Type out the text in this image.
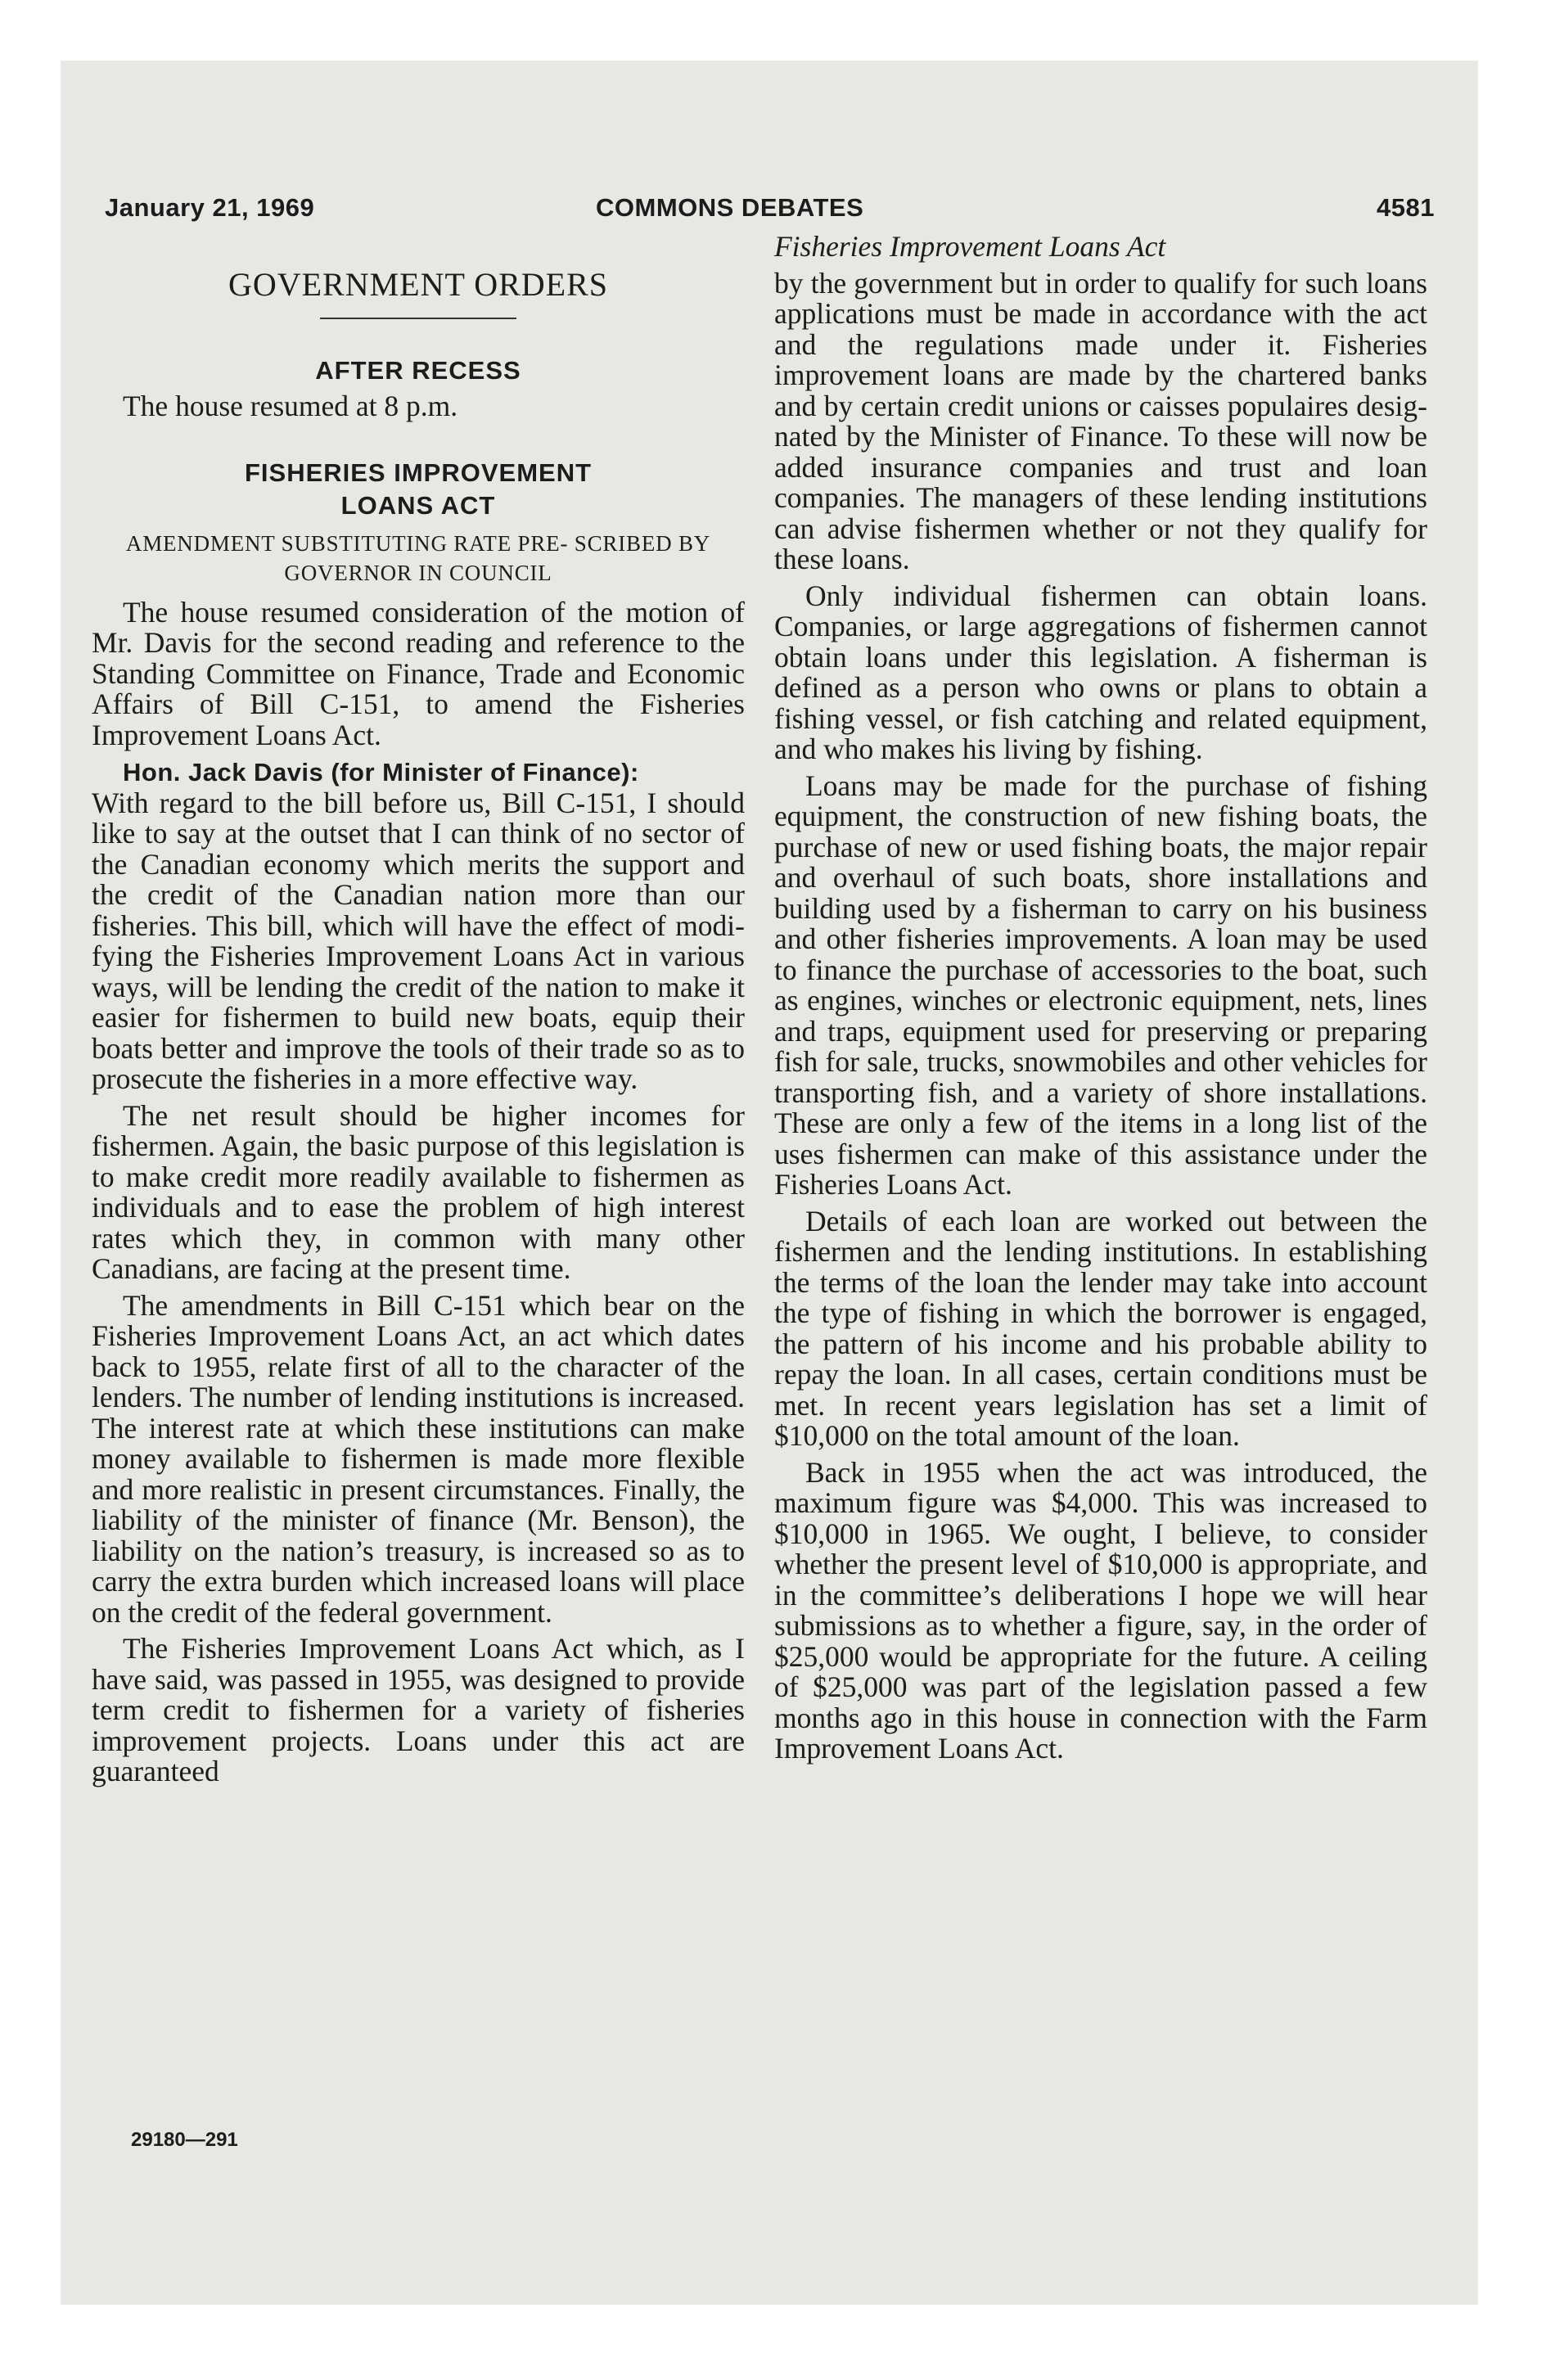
January 21, 1969	COMMONS DEBATES	4581
GOVERNMENT ORDERS
AFTER RECESS

The house resumed at 8 p.m.

FISHERIES IMPROVEMENT
LOANS ACT
AMENDMENT SUBSTITUTING RATE PRE- SCRIBED BY GOVERNOR IN COUNCIL

The house resumed consideration of the motion of Mr. Davis for the second reading and reference to the Standing Committee on Finance, Trade and Economic Affairs of Bill C-151, to amend the Fisheries Improvement Loans Act.

Hon. Jack Davis (for Minister of Finance):
With regard to the bill before us, Bill C-151, I should like to say at the outset that I can think of no sector of the Canadian economy which merits the support and the credit of the Canadian nation more than our fisheries. This bill, which will have the effect of modifying the Fisheries Improvement Loans Act in various ways, will be lending the credit of the nation to make it easier for fishermen to build new boats, equip their boats better and improve the tools of their trade so as to prosecute the fisheries in a more effective way.

The net result should be higher incomes for fishermen. Again, the basic purpose of this legislation is to make credit more readily available to fishermen as individuals and to ease the problem of high interest rates which they, in common with many other Canadians, are facing at the present time.

The amendments in Bill C-151 which bear on the Fisheries Improvement Loans Act, an act which dates back to 1955, relate first of all to the character of the lenders. The number of lending institutions is increased. The interest rate at which these institutions can make money available to fishermen is made more flexible and more realistic in present circumstances. Finally, the liability of the minister of finance (Mr. Benson), the liability on the nation’s treasury, is increased so as to carry the extra burden which increased loans will place on the credit of the federal government.

The Fisheries Improvement Loans Act which, as I have said, was passed in 1955, was designed to provide term credit to fishermen for a variety of fisheries improvement projects. Loans under this act are guaranteed

29180—291

Fisheries Improvement Loans Act

by the government but in order to qualify for such loans applications must be made in accordance with the act and the regulations made under it. Fisheries improvement loans are made by the chartered banks and by certain credit unions or caisses populaires designated by the Minister of Finance. To these will now be added insurance companies and trust and loan companies. The managers of these lending institutions can advise fishermen whether or not they qualify for these loans.

Only individual fishermen can obtain loans. Companies, or large aggregations of fishermen cannot obtain loans under this legislation. A fisherman is defined as a person who owns or plans to obtain a fishing vessel, or fish catching and related equipment, and who makes his living by fishing.

Loans may be made for the purchase of fishing equipment, the construction of new fishing boats, the purchase of new or used fishing boats, the major repair and overhaul of such boats, shore installations and building used by a fisherman to carry on his business and other fisheries improvements. A loan may be used to finance the purchase of accessories to the boat, such as engines, winches or electronic equipment, nets, lines and traps, equipment used for preserving or preparing fish for sale, trucks, snowmobiles and other vehicles for transporting fish, and a variety of shore installations. These are only a few of the items in a long list of the uses fishermen can make of this assistance under the Fisheries Loans Act.

Details of each loan are worked out between the fishermen and the lending institutions. In establishing the terms of the loan the lender may take into account the type of fishing in which the borrower is engaged, the pattern of his income and his probable ability to repay the loan. In all cases, certain conditions must be met. In recent years legislation has set a limit of $10,000 on the total amount of the loan.

Back in 1955 when the act was introduced, the maximum figure was $4,000. This was increased to $10,000 in 1965. We ought, I believe, to consider whether the present level of $10,000 is appropriate, and in the committee’s deliberations I hope we will hear submissions as to whether a figure, say, in the order of $25,000 would be appropriate for the future. A ceiling of $25,000 was part of the legislation passed a few months ago in this house in connection with the Farm Improvement Loans Act.
